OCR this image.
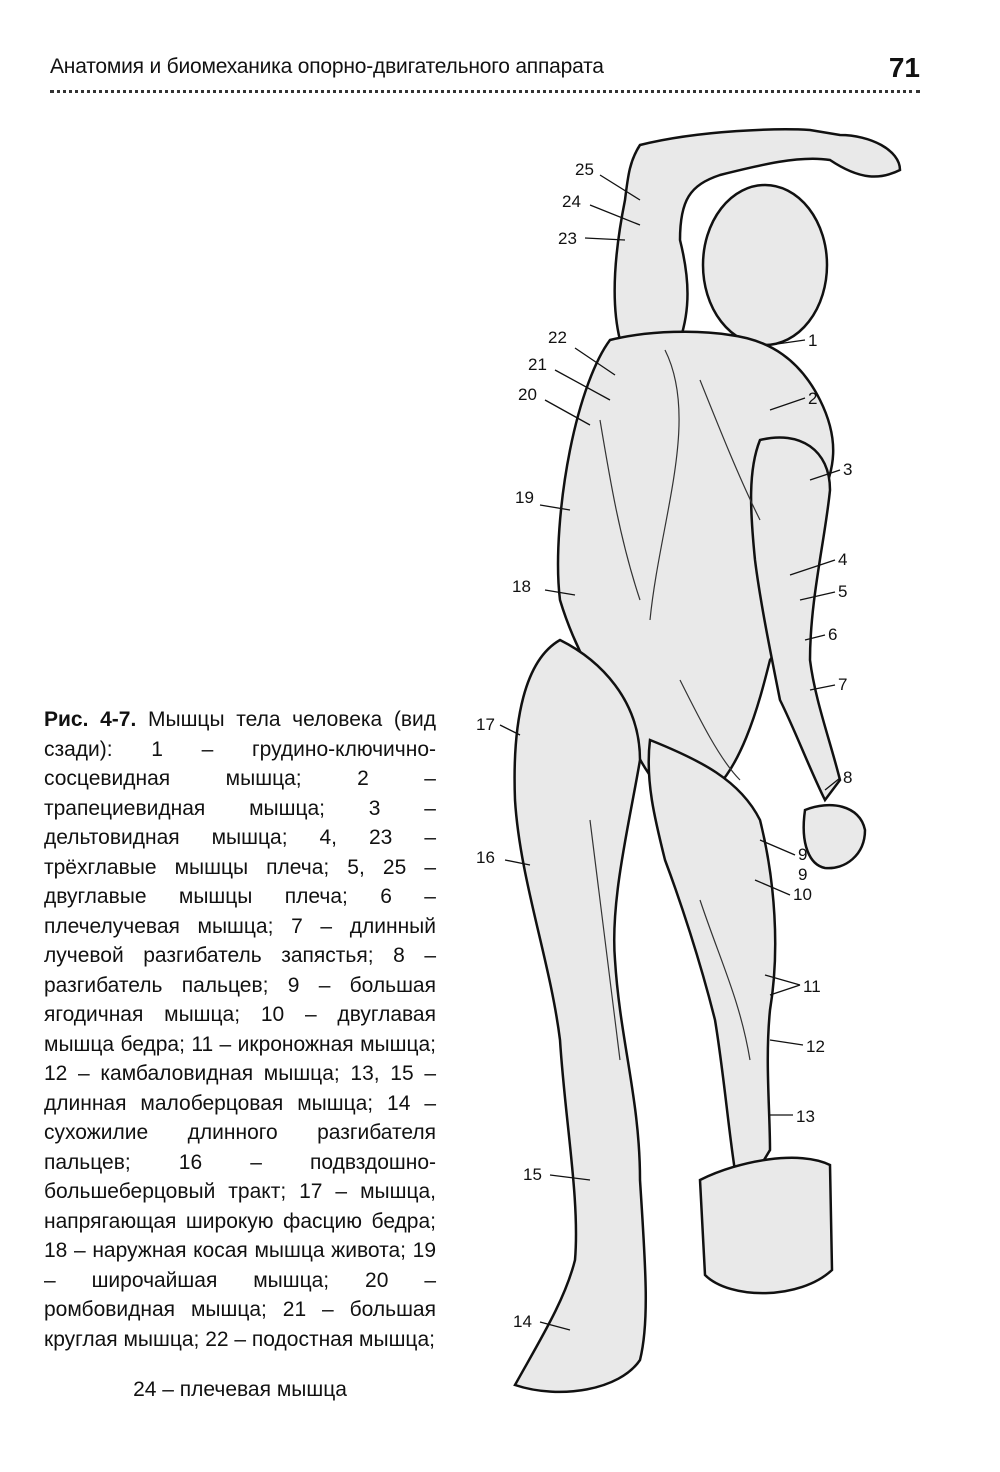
Анатомия и биомеханика опорно-двигательного аппарата	71
25
24
23
22
21
20
19
18
17
16
15
14
1
2
3
4
5
6
7
8
9
9
10
11
12
13
Рис. 4-7. Мышцы тела человека (вид сзади): 1 – грудино-ключично-сосцевидная мышца; 2 – трапециевидная мышца; 3 – дельтовидная мышца; 4, 23 – трёхглавые мышцы плеча; 5, 25 – двуглавые мышцы плеча; 6 – плечелучевая мышца; 7 – длинный лучевой разгибатель запястья; 8 – разгибатель пальцев; 9 – большая ягодичная мышца; 10 – двуглавая мышца бедра; 11 – икроножная мышца; 12 – камбаловидная мышца; 13, 15 – длинная малоберцовая мышца; 14 – сухожилие длинного разгибателя пальцев; 16 – подвздошно-большеберцовый тракт; 17 – мышца, напрягающая широкую фасцию бедра; 18 – наружная косая мышца живота; 19 – широчайшая мышца; 20 – ромбовидная мышца; 21 – большая круглая мышца; 22 – подостная мышца;
24 – плечевая мышца
